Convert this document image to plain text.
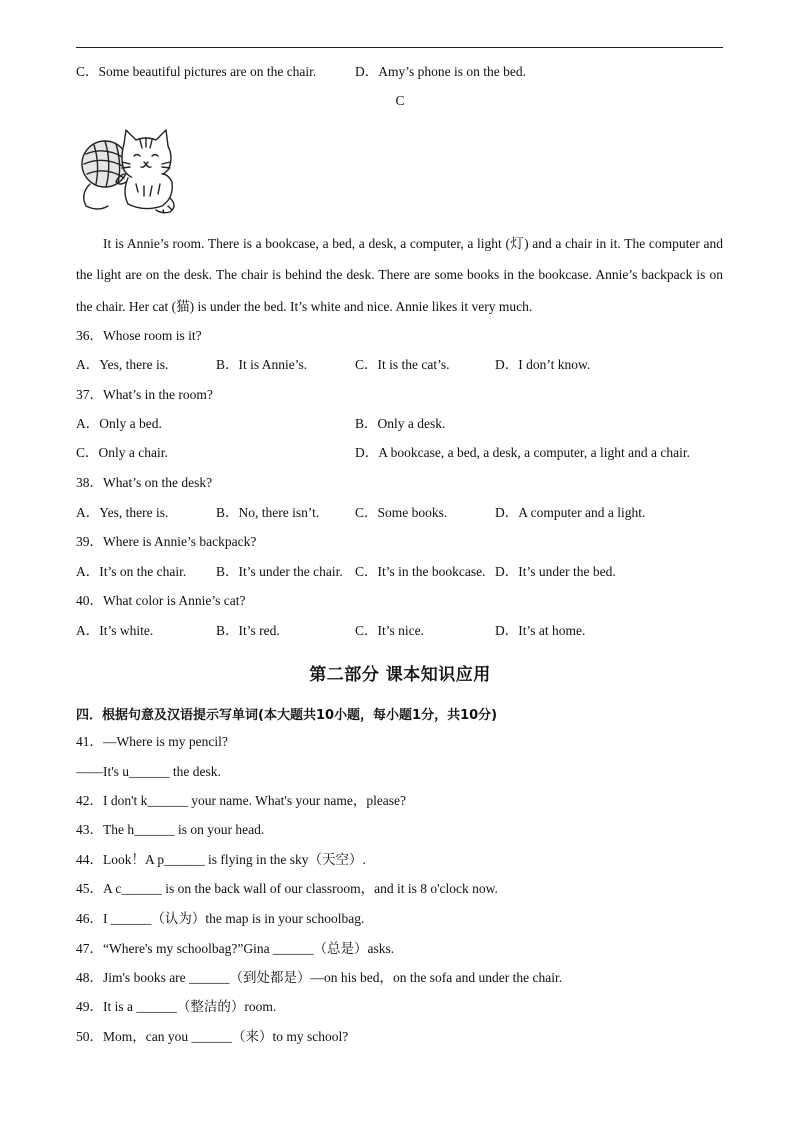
C．Some beautiful pictures are on the chair.	D．Amy’s phone is on the bed.
C
It is Annie’s room. There is a bookcase, a bed, a desk, a computer, a light (灯) and a chair in it. The computer and the light are on the desk. The chair is behind the desk. There are some books in the bookcase. Annie’s backpack is on the chair. Her cat (猫) is under the bed. It’s white and nice. Annie likes it very much.
36．Whose room is it?
A．Yes, there is.	B．It is Annie’s.	C．It is the cat’s.	D．I don’t know.
37．What’s in the room?
A．Only a bed.	B．Only a desk.
C．Only a chair.	D．A bookcase, a bed, a desk, a computer, a light and a chair.
38．What’s on the desk?
A．Yes, there is.	B．No, there isn’t.	C．Some books.	D．A computer and a light.
39．Where is Annie’s backpack?
A．It’s on the chair. B．It’s under the chair. C．It’s in the bookcase. D．It’s under the bed.
40．What color is Annie’s cat?
A．It’s white.	B．It’s red.	C．It’s nice.	D．It’s at home.
第二部分 课本知识应用
四．根据句意及汉语提示写单词(本大题共10小题，每小题1分，共10分)
41．—Where is my pencil?
——It's u______ the desk.
42．I don't k______ your name. What's your name，please?
43．The h______ is on your head.
44．Look！A p______ is flying in the sky（天空）.
45．A c______ is on the back wall of our classroom，and it is 8 o'clock now.
46．I ______（认为）the map is in your schoolbag.
47．“Where's my schoolbag?”Gina ______（总是）asks.
48．Jim's books are ______（到处都是）—on his bed，on the sofa and under the chair.
49．It is a ______（整洁的）room.
50．Mom，can you ______（来）to my school?
